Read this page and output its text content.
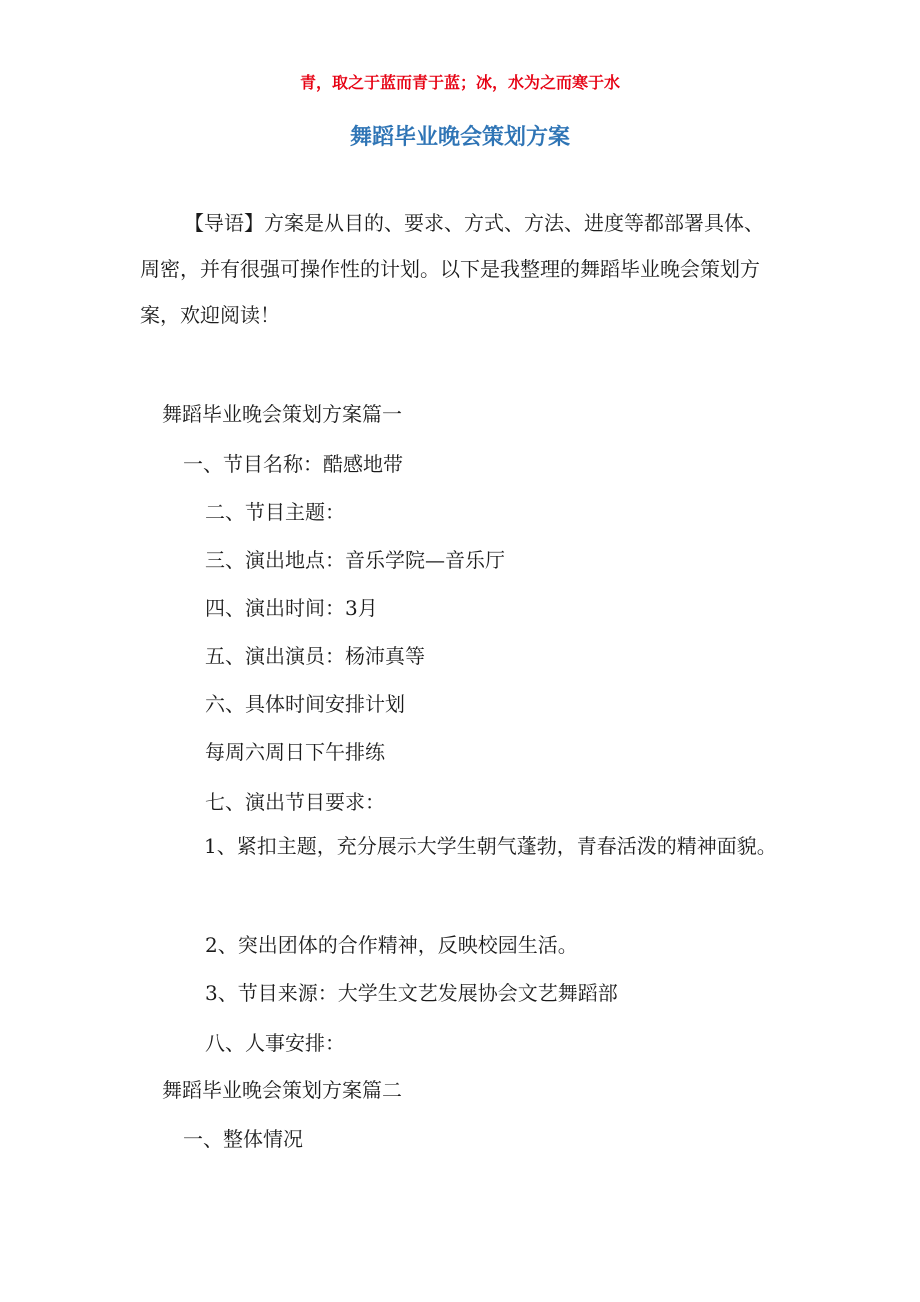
青，取之于蓝而青于蓝；冰，水为之而寒于水
舞蹈毕业晚会策划方案

【导语】方案是从目的、要求、方式、方法、进度等都部署具体、周密，并有很强可操作性的计划。以下是我整理的舞蹈毕业晚会策划方案，欢迎阅读！

舞蹈毕业晚会策划方案篇一

一、节目名称：酷感地带

二、节目主题：

三、演出地点：音乐学院—音乐厅

四、演出时间：3月

五、演出演员：杨沛真等

六、具体时间安排计划

每周六周日下午排练

七、演出节目要求：

1、紧扣主题，充分展示大学生朝气蓬勃，青春活泼的精神面貌。

2、突出团体的合作精神，反映校园生活。

3、节目来源：大学生文艺发展协会文艺舞蹈部

八、人事安排：

舞蹈毕业晚会策划方案篇二

一、整体情况
